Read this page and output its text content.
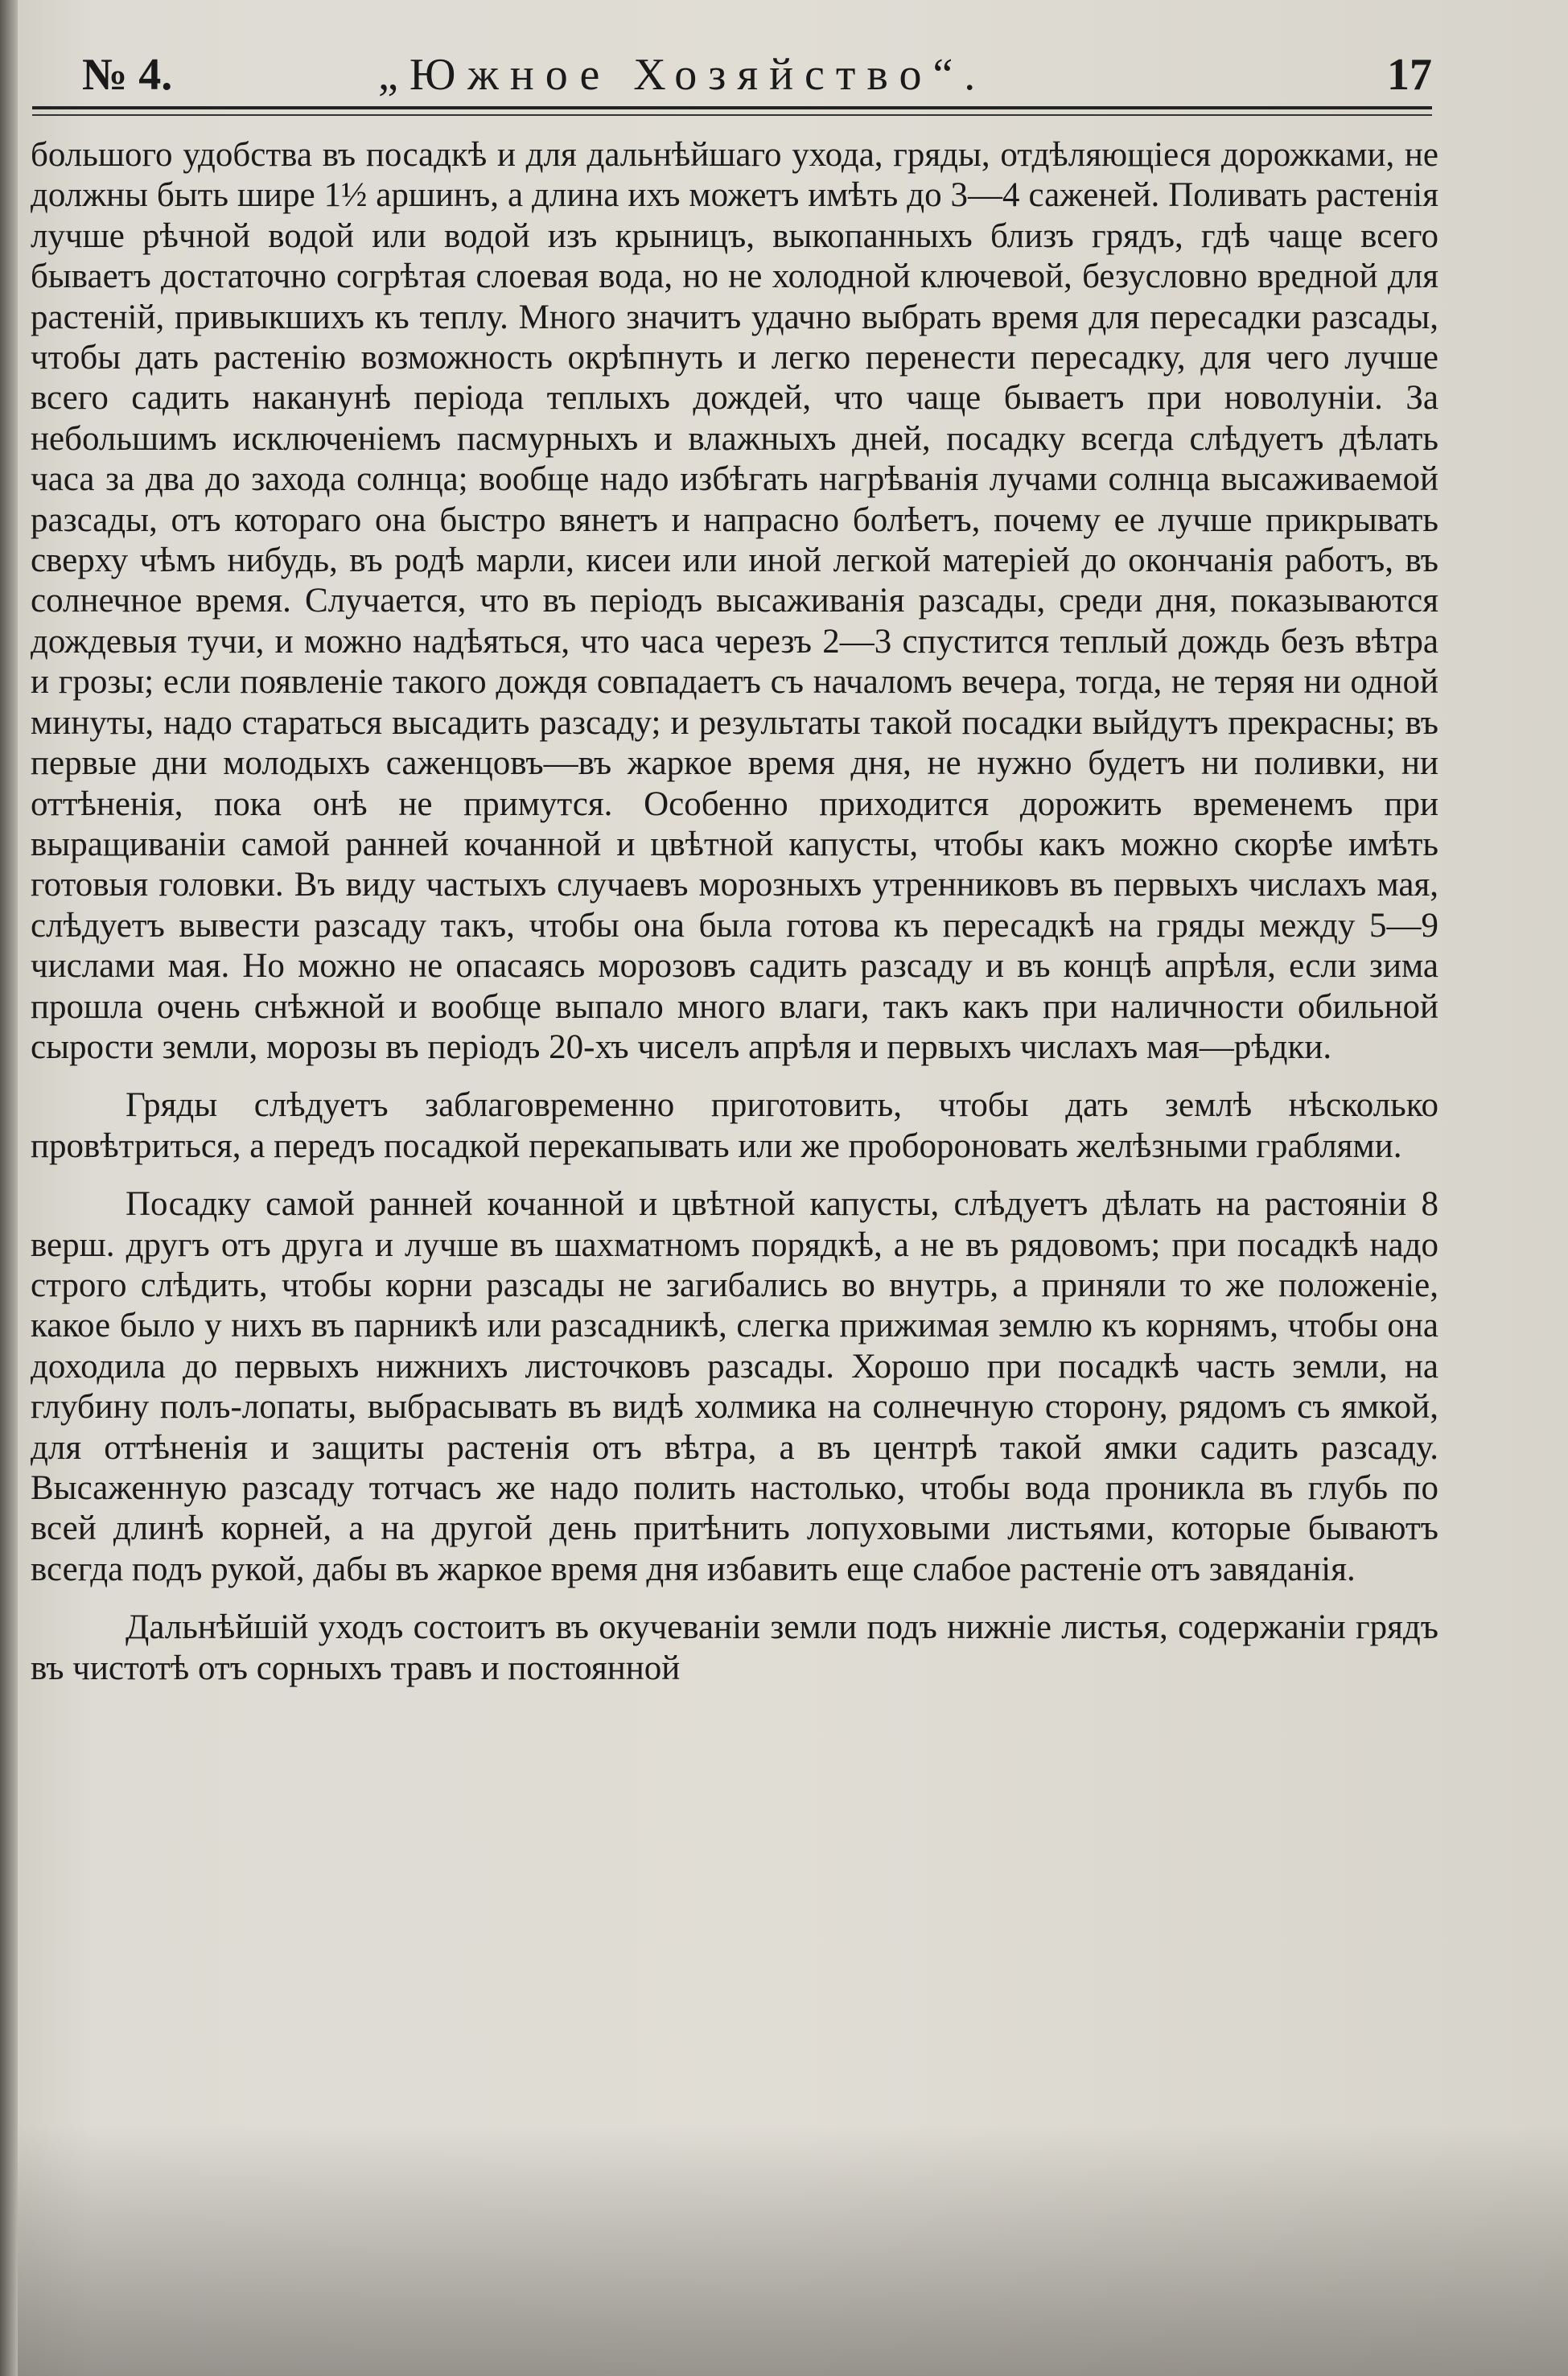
№ 4.	„Южное Хозяйство“.	17

большого удобства въ посадкѣ и для дальнѣйшаго ухода, гряды, отдѣляющіеся дорожками, не должны быть шире 1½ аршинъ, а длина ихъ можетъ имѣть до 3—4 саженей. Поливать растенія лучше рѣчной водой или водой изъ крыницъ, выкопанныхъ близъ грядъ, гдѣ чаще всего бываетъ достаточно согрѣтая слоевая вода, но не холодной ключевой, безусловно вредной для растеній, привыкшихъ къ теплу. Много значитъ удачно выбрать время для пересадки разсады, чтобы дать растенію возможность окрѣпнуть и легко перенести пересадку, для чего лучше всего садить наканунѣ періода теплыхъ дождей, что чаще бываетъ при новолуніи. За небольшимъ исключеніемъ пасмурныхъ и влажныхъ дней, посадку всегда слѣдуетъ дѣлать часа за два до захода солнца; вообще надо избѣгать нагрѣванія лучами солнца высаживаемой разсады, отъ котораго она быстро вянетъ и напрасно болѣетъ, почему ее лучше прикрывать сверху чѣмъ нибудь, въ родѣ марли, кисеи или иной легкой матеріей до окончанія работъ, въ солнечное время. Случается, что въ періодъ высаживанія разсады, среди дня, показываются дождевыя тучи, и можно надѣяться, что часа черезъ 2—3 спустится теплый дождь безъ вѣтра и грозы; если появленіе такого дождя совпадаетъ съ началомъ вечера, тогда, не теряя ни одной минуты, надо стараться высадить разсаду; и результаты такой посадки выйдутъ прекрасны; въ первые дни молодыхъ саженцовъ—въ жаркое время дня, не нужно будетъ ни поливки, ни оттѣненія, пока онѣ не примутся. Особенно приходится дорожить временемъ при выращиваніи самой ранней кочанной и цвѣтной капусты, чтобы какъ можно скорѣе имѣть готовыя головки. Въ виду частыхъ случаевъ морозныхъ утренниковъ въ первыхъ числахъ мая, слѣдуетъ вывести разсаду такъ, чтобы она была готова къ пересадкѣ на гряды между 5—9 числами мая. Но можно не опасаясь морозовъ садить разсаду и въ концѣ апрѣля, если зима прошла очень снѣжной и вообще выпало много влаги, такъ какъ при наличности обильной сырости земли, морозы въ періодъ 20-хъ чиселъ апрѣля и первыхъ числахъ мая—рѣдки.

Гряды слѣдуетъ заблаговременно приготовить, чтобы дать землѣ нѣсколько провѣтриться, а передъ посадкой перекапывать или же пробороновать желѣзными граблями.

Посадку самой ранней кочанной и цвѣтной капусты, слѣдуетъ дѣлать на растояніи 8 верш. другъ отъ друга и лучше въ шахматномъ порядкѣ, а не въ рядовомъ; при посадкѣ надо строго слѣдить, чтобы корни разсады не загибались во внутрь, а приняли то же положеніе, какое было у нихъ въ парникѣ или разсадникѣ, слегка прижимая землю къ корнямъ, чтобы она доходила до первыхъ нижнихъ листочковъ разсады. Хорошо при посадкѣ часть земли, на глубину полъ-лопаты, выбрасывать въ видѣ холмика на солнечную сторону, рядомъ съ ямкой, для оттѣненія и защиты растенія отъ вѣтра, а въ центрѣ такой ямки садить разсаду. Высаженную разсаду тотчасъ же надо полить настолько, чтобы вода проникла въ глубь по всей длинѣ корней, а на другой день притѣнить лопуховыми листьями, которые бываютъ всегда подъ рукой, дабы въ жаркое время дня избавить еще слабое растеніе отъ завяданія.

Дальнѣйшій уходъ состоитъ въ окучеваніи земли подъ нижніе листья, содержаніи грядъ въ чистотѣ отъ сорныхъ травъ и постоянной
